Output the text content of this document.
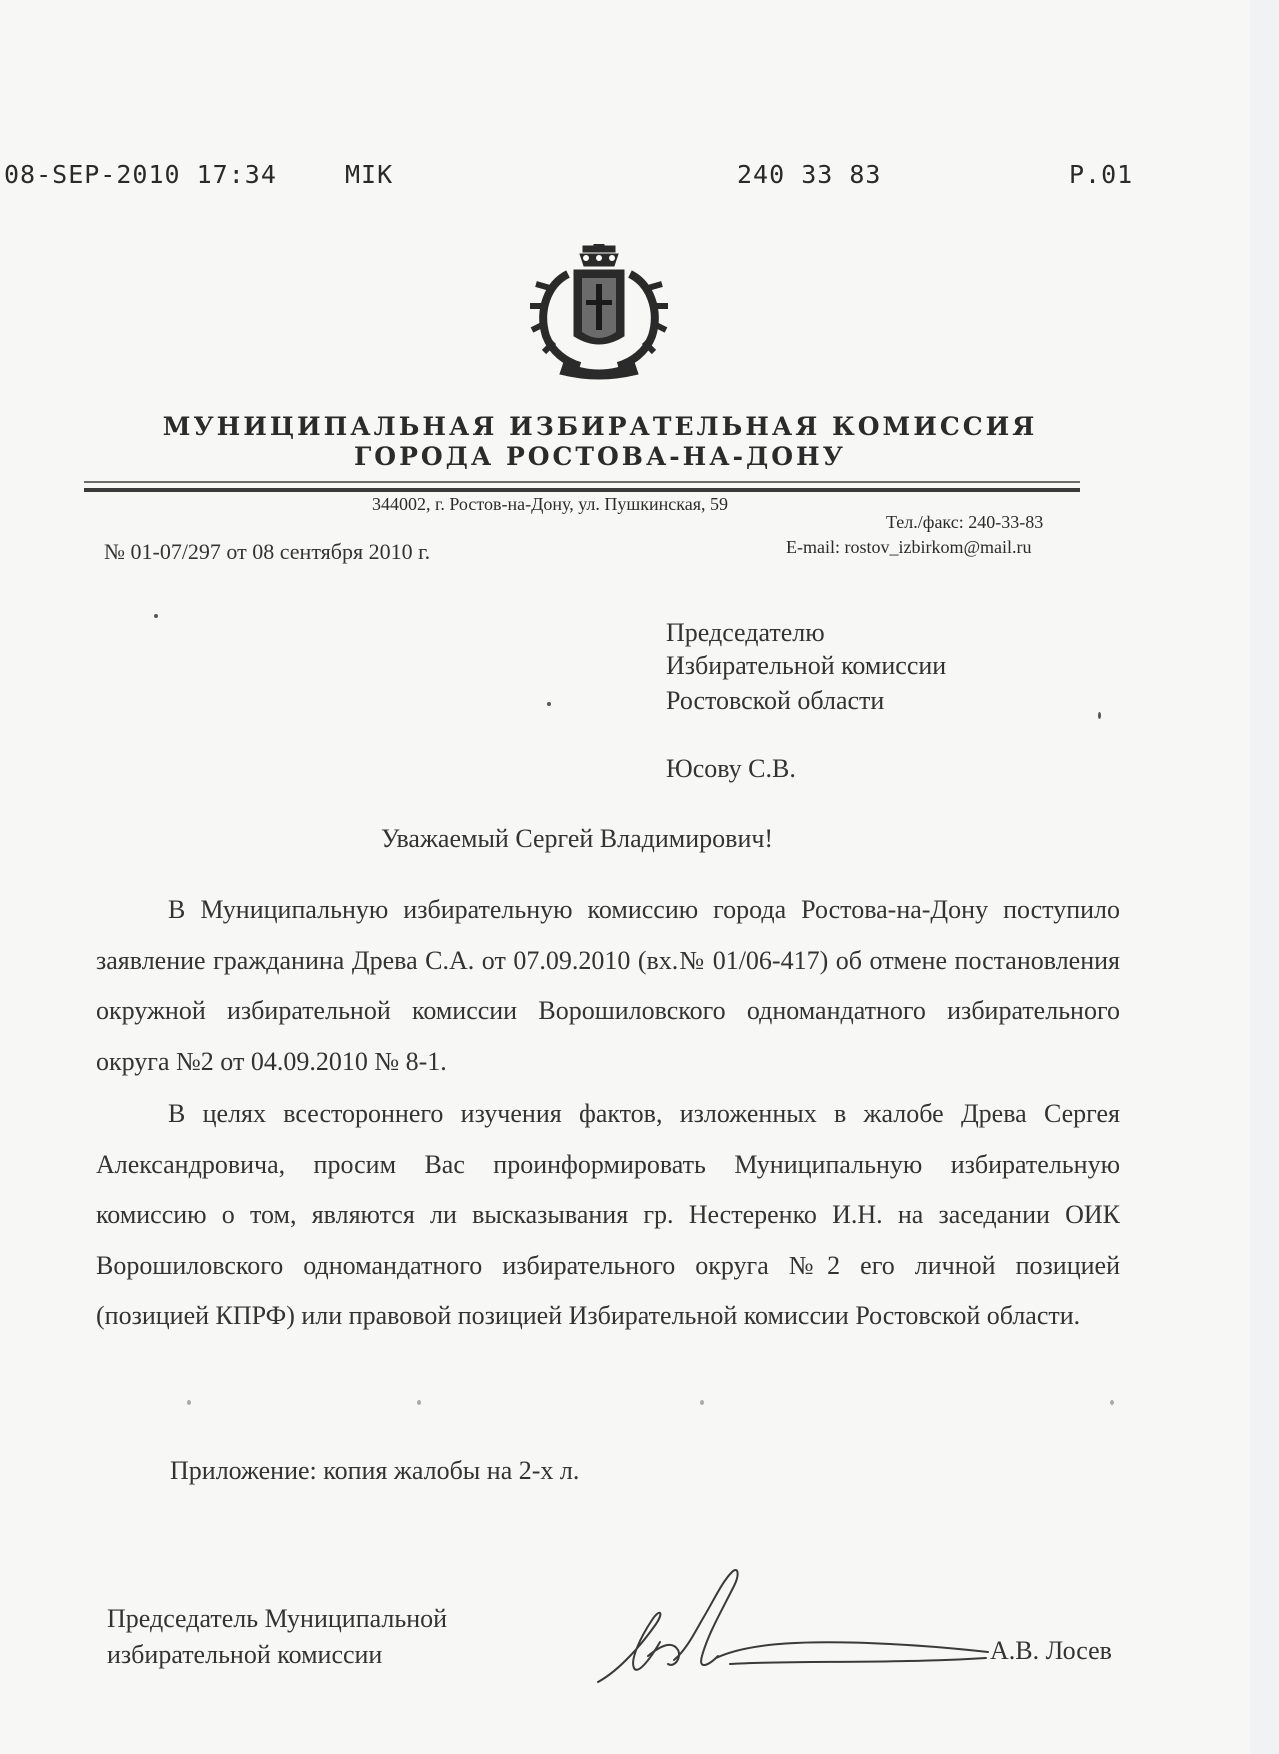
08-SEP-2010 17:34	MIK	240 33 83	P.01
МУНИЦИПАЛЬНАЯ ИЗБИРАТЕЛЬНАЯ КОМИССИЯ
ГОРОДА РОСТОВА-НА-ДОНУ
344002, г. Ростов-на-Дону, ул. Пушкинская, 59
Тел./факс: 240-33-83
E-mail: rostov_izbirkom@mail.ru
№ 01-07/297 от 08 сентября 2010 г.
Председателю
Избирательной комиссии
Ростовской области
Юсову С.В.
Уважаемый Сергей Владимирович!

В Муниципальную избирательную комиссию города Ростова-на-Дону поступило заявление гражданина Древа С.А. от 07.09.2010 (вх.№ 01/06-417) об отмене постановления окружной избирательной комиссии Ворошиловского одномандатного избирательного округа №2 от 04.09.2010 № 8-1.

В целях всестороннего изучения фактов, изложенных в жалобе Древа Сергея Александровича, просим Вас проинформировать Муниципальную избирательную комиссию о том, являются ли высказывания гр. Нестеренко И.Н. на заседании ОИК Ворошиловского одномандатного избирательного округа №2 его личной позицией (позицией КПРФ) или правовой позицией Избирательной комиссии Ростовской области.

Приложение: копия жалобы на 2-х л.
Председатель Муниципальной
избирательной комиссии	А.В. Лосев
